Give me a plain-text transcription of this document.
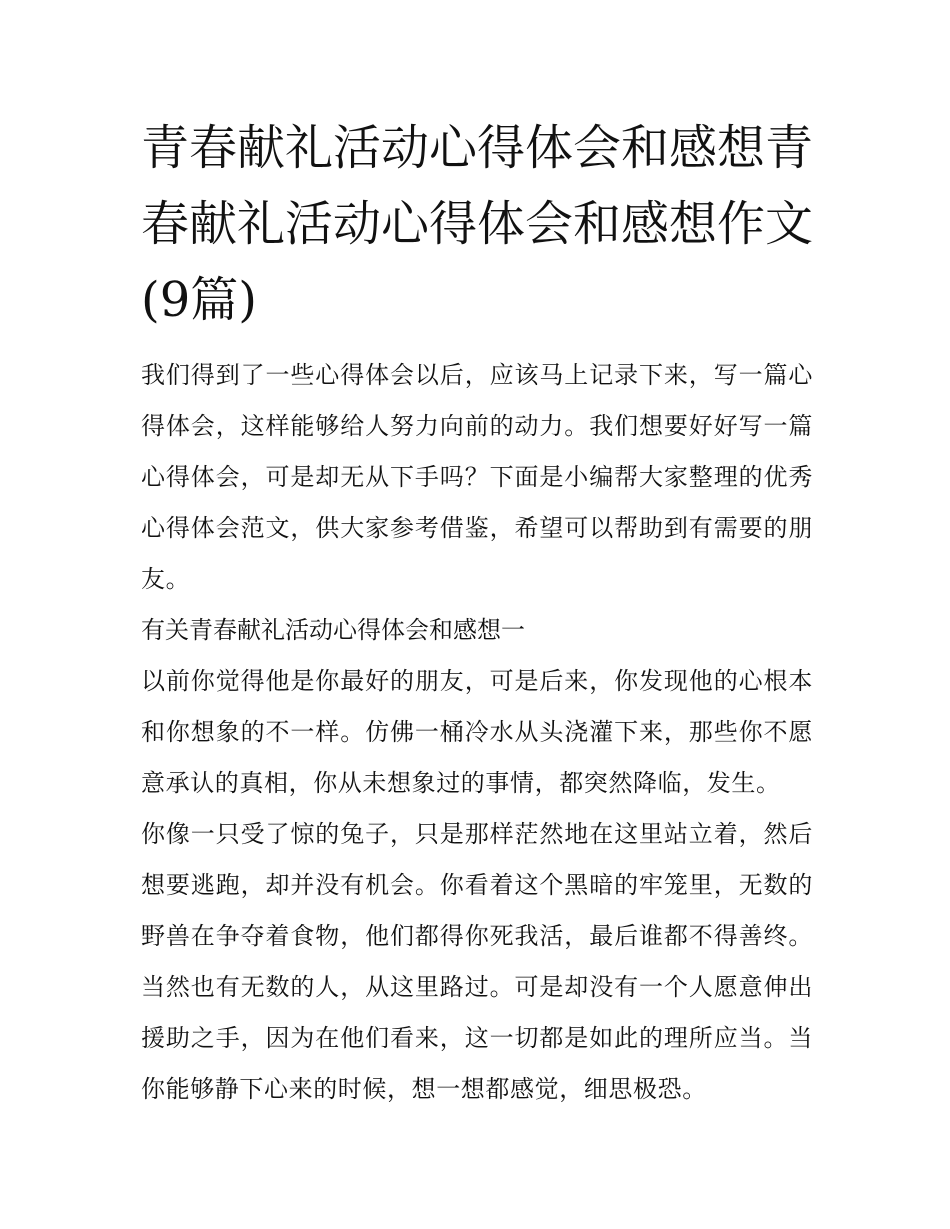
青春献礼活动心得体会和感想青春献礼活动心得体会和感想作文(9篇)

我们得到了一些心得体会以后，应该马上记录下来，写一篇心得体会，这样能够给人努力向前的动力。我们想要好好写一篇心得体会，可是却无从下手吗？下面是小编帮大家整理的优秀心得体会范文，供大家参考借鉴，希望可以帮助到有需要的朋友。

有关青春献礼活动心得体会和感想一

以前你觉得他是你最好的朋友，可是后来，你发现他的心根本和你想象的不一样。仿佛一桶冷水从头浇灌下来，那些你不愿意承认的真相，你从未想象过的事情，都突然降临，发生。

你像一只受了惊的兔子，只是那样茫然地在这里站立着，然后想要逃跑，却并没有机会。你看着这个黑暗的牢笼里，无数的野兽在争夺着食物，他们都得你死我活，最后谁都不得善终。当然也有无数的人，从这里路过。可是却没有一个人愿意伸出援助之手，因为在他们看来，这一切都是如此的理所应当。当你能够静下心来的时候，想一想都感觉，细思极恐。
